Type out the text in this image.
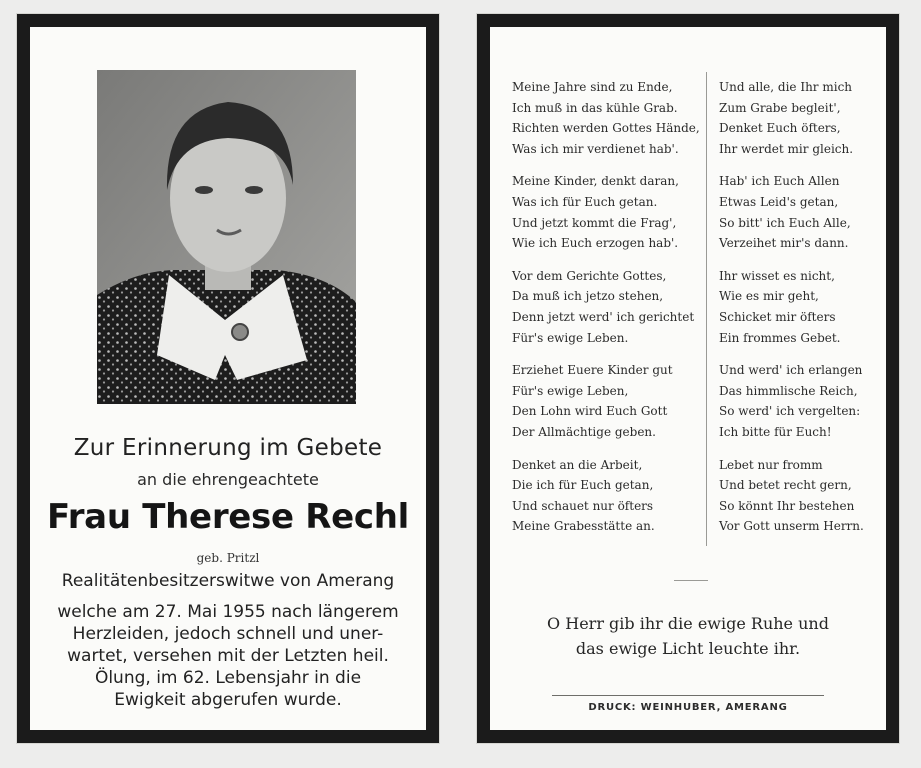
Zur Erinnerung im Gebete
an die ehrengeachtete
Frau Therese Rechl
geb. Pritzl
Realitätenbesitzerswitwe von Amerang
welche am 27. Mai 1955 nach längerem
Herzleiden, jedoch schnell und uner-
wartet, versehen mit der Letzten heil.
Ölung, im 62. Lebensjahr in die
Ewigkeit abgerufen wurde.
Meine Jahre sind zu Ende,
Ich muß in das kühle Grab.
Richten werden Gottes Hände,
Was ich mir verdienet hab'.
Meine Kinder, denkt daran,
Was ich für Euch getan.
Und jetzt kommt die Frag',
Wie ich Euch erzogen hab'.
Vor dem Gerichte Gottes,
Da muß ich jetzo stehen,
Denn jetzt werd' ich gerichtet
Für's ewige Leben.
Erziehet Euere Kinder gut
Für's ewige Leben,
Den Lohn wird Euch Gott
Der Allmächtige geben.
Denket an die Arbeit,
Die ich für Euch getan,
Und schauet nur öfters
Meine Grabesstätte an.
Und alle, die Ihr mich
Zum Grabe begleit',
Denket Euch öfters,
Ihr werdet mir gleich.
Hab' ich Euch Allen
Etwas Leid's getan,
So bitt' ich Euch Alle,
Verzeihet mir's dann.
Ihr wisset es nicht,
Wie es mir geht,
Schicket mir öfters
Ein frommes Gebet.
Und werd' ich erlangen
Das himmlische Reich,
So werd' ich vergelten:
Ich bitte für Euch!
Lebet nur fromm
Und betet recht gern,
So könnt Ihr bestehen
Vor Gott unserm Herrn.
O Herr gib ihr die ewige Ruhe und
das ewige Licht leuchte ihr.
DRUCK: WEINHUBER, AMERANG
